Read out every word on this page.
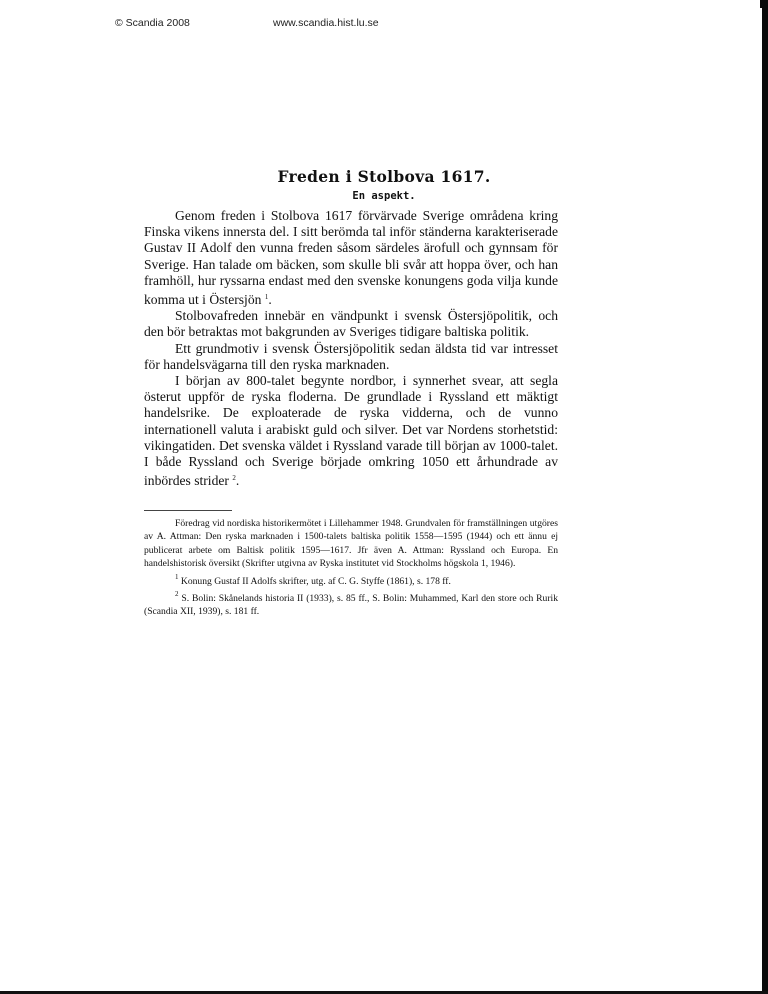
© Scandia 2008	www.scandia.hist.lu.se
Freden i Stolbova 1617.
En aspekt.

Genom freden i Stolbova 1617 förvärvade Sverige områdena kring Finska vikens innersta del. I sitt berömda tal inför ständerna karakteriserade Gustav II Adolf den vunna freden såsom särdeles ärofull och gynnsam för Sverige. Han talade om bäcken, som skulle bli svår att hoppa över, och han framhöll, hur ryssarna endast med den svenske konungens goda vilja kunde komma ut i Östersjön $^1$.

Stolbovafreden innebär en vändpunkt i svensk Östersjöpolitik, och den bör betraktas mot bakgrunden av Sveriges tidigare baltiska politik.

Ett grundmotiv i svensk Östersjöpolitik sedan äldsta tid var intresset för handelsvägarna till den ryska marknaden.

I början av 800-talet begynte nordbor, i synnerhet svear, att segla österut uppför de ryska floderna. De grundlade i Ryssland ett mäktigt handelsrike. De exploaterade de ryska vidderna, och de vunno internationell valuta i arabiskt guld och silver. Det var Nordens storhetstid: vikingatiden. Det svenska väldet i Ryssland varade till början av 1000-talet. I både Ryssland och Sverige började omkring 1050 ett århundrade av inbördes strider $^2$.

Föredrag vid nordiska historikermötet i Lillehammer 1948. Grundvalen för framställningen utgöres av A. Attman: Den ryska marknaden i 1500-talets baltiska politik 1558—1595 (1944) och ett ännu ej publicerat arbete om Baltisk politik 1595—1617. Jfr även A. Attman: Ryssland och Europa. En handelshistorisk översikt (Skrifter utgivna av Ryska institutet vid Stockholms högskola 1, 1946).

$^1$ Konung Gustaf II Adolfs skrifter, utg. af C. G. Styffe (1861), s. 178 ff.

$^2$ S. Bolin: Skånelands historia II (1933), s. 85 ff., S. Bolin: Muhammed, Karl den store och Rurik (Scandia XII, 1939), s. 181 ff.
